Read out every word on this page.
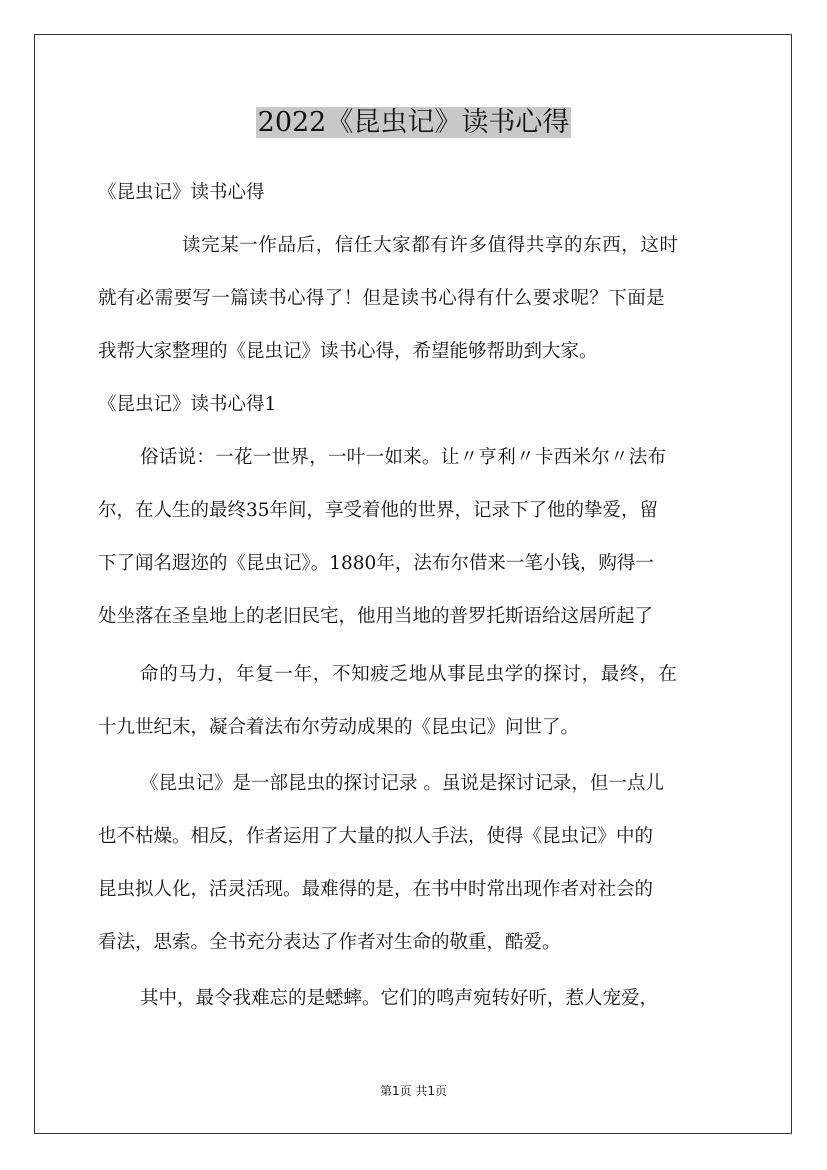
2022《昆虫记》读书心得
《昆虫记》读书心得
读完某一作品后，信任大家都有许多值得共享的东西，这时
就有必需要写一篇读书心得了！但是读书心得有什么要求呢？下面是
我帮大家整理的《昆虫记》读书心得，希望能够帮助到大家。
《昆虫记》读书心得1
俗话说：一花一世界，一叶一如来。让〃亨利〃卡西米尔〃法布
尔，在人生的最终35年间，享受着他的世界，记录下了他的挚爱，留
下了闻名遐迩的《昆虫记》。1880年，法布尔借来一笔小钱，购得一
处坐落在圣皇地上的老旧民宅，他用当地的普罗托斯语给这居所起了
命的马力，年复一年，不知疲乏地从事昆虫学的探讨，最终，在
十九世纪末，凝合着法布尔劳动成果的《昆虫记》问世了。
《昆虫记》是一部昆虫的探讨记录 。虽说是探讨记录，但一点儿
也不枯燥。相反，作者运用了大量的拟人手法，使得《昆虫记》中的
昆虫拟人化，活灵活现。最难得的是，在书中时常出现作者对社会的
看法，思索。全书充分表达了作者对生命的敬重，酷爱。
其中，最令我难忘的是蟋蟀。它们的鸣声宛转好听，惹人宠爱，
第1页 共1页
